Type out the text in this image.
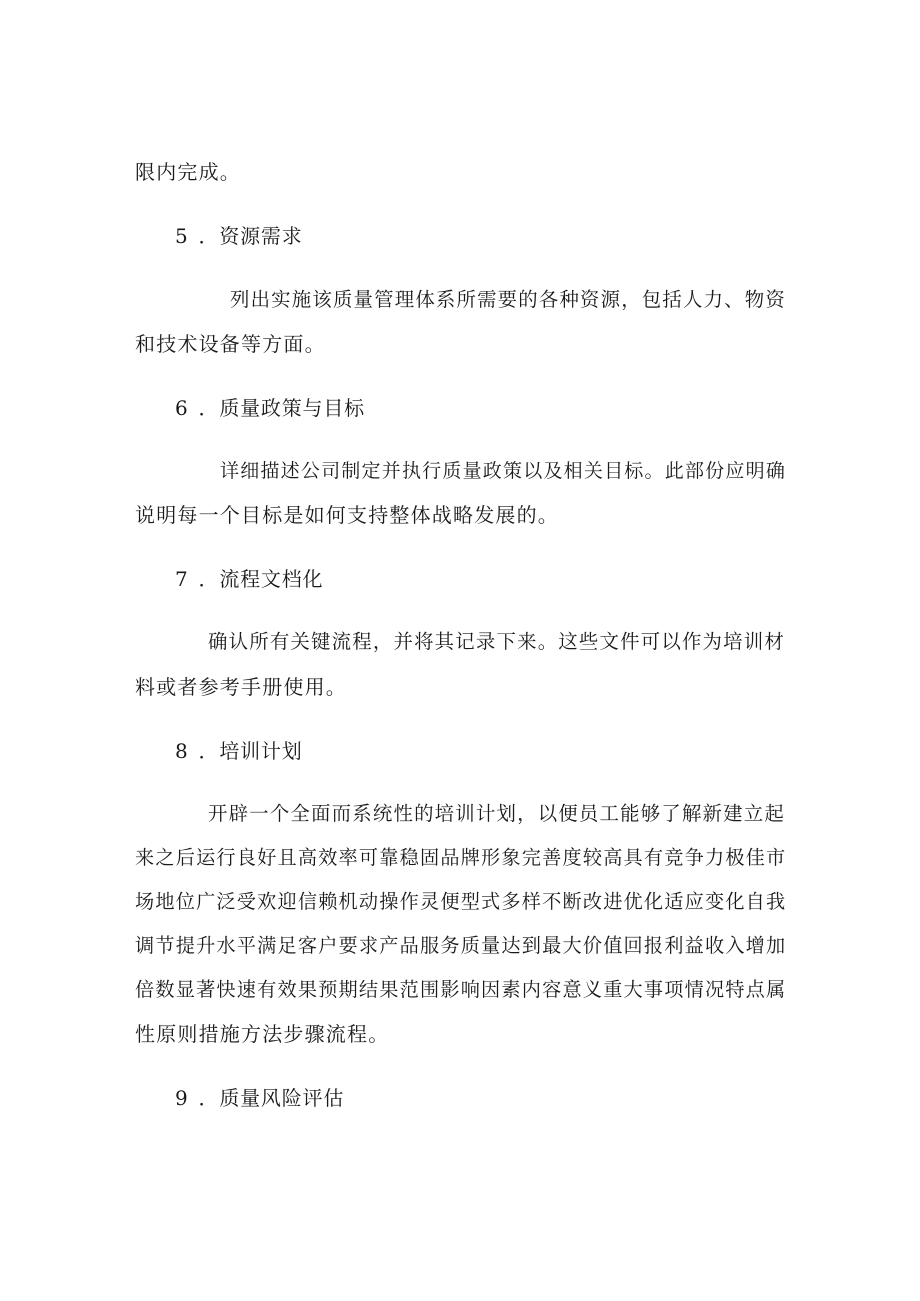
限内完成。
5 ．资源需求
列出实施该质量管理体系所需要的各种资源，包括人力、物资
和技术设备等方面。
6 ．质量政策与目标
详细描述公司制定并执行质量政策以及相关目标。此部份应明确
说明每一个目标是如何支持整体战略发展的。
7 ．流程文档化
确认所有关键流程，并将其记录下来。这些文件可以作为培训材
料或者参考手册使用。
8 ．培训计划
开辟一个全面而系统性的培训计划，以便员工能够了解新建立起
来之后运行良好且高效率可靠稳固品牌形象完善度较高具有竞争力极佳市
场地位广泛受欢迎信赖机动操作灵便型式多样不断改进优化适应变化自我
调节提升水平满足客户要求产品服务质量达到最大价值回报利益收入增加
倍数显著快速有效果预期结果范围影响因素内容意义重大事项情况特点属
性原则措施方法步骤流程。
9 ．质量风险评估
